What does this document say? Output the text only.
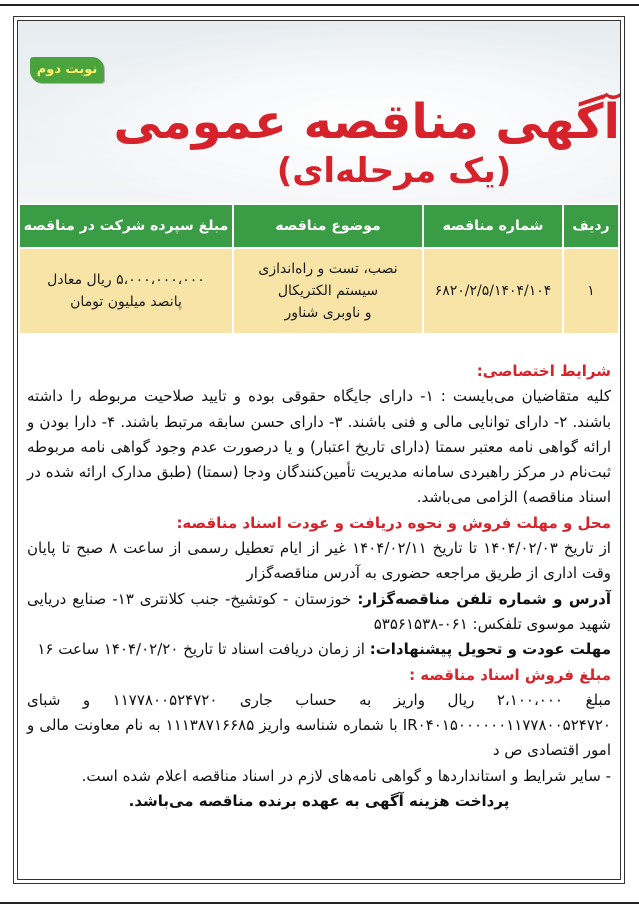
نوبت دوم
آگهی مناقصه عمومی
(یک مرحله‌ای)
ردیف
شماره مناقصه
موضوع مناقصه
مبلغ سپرده شرکت در مناقصه
۱
۶۸۲۰/۲/۵/۱۴۰۴/۱۰۴
نصب، تست و راه‌اندازی
سیستم الکتریکال
و ناوبری شناور
۵،۰۰۰،۰۰۰،۰۰۰ ریال معادل
پانصد میلیون تومان

شرایط اختصاصی:
کلیه متقاضیان می‌بایست : ۱- دارای جایگاه حقوقی بوده و تایید صلاحیت مربوطه را داشته باشند. ۲- دارای توانایی مالی و فنی باشند. ۳- دارای حسن سابقه مرتبط باشند. ۴- دارا بودن و ارائه گواهی نامه معتبر سمتا (دارای تاریخ اعتبار) و یا درصورت عدم وجود گواهی نامه مربوطه ثبت‌نام در مرکز راهبردی سامانه مدیریت تأمین‌کنندگان ودجا (سمتا) (طبق مدارک ارائه شده در اسناد مناقصه) الزامی می‌باشد.

محل و مهلت فروش و نحوه دریافت و عودت اسناد مناقصه:
از تاریخ ۱۴۰۴/۰۲/۰۳ تا تاریخ ۱۴۰۴/۰۲/۱۱ غیر از ایام تعطیل رسمی از ساعت ۸ صبح تا پایان وقت اداری از طریق مراجعه حضوری به آدرس مناقصه‌گزار

آدرس و شماره تلفن مناقصه‌گزار: خوزستان - کوتشیخ- جنب کلانتری ۱۳- صنایع دریایی شهید موسوی تلفکس: ۰۶۱-۵۳۵۶۱۵۳۸

مهلت عودت و تحویل پیشنهادات: از زمان دریافت اسناد تا تاریخ ۱۴۰۴/۰۲/۲۰ ساعت ۱۶

مبلغ فروش اسناد مناقصه :
مبلغ ۲،۱۰۰،۰۰۰ ریال واریز به حساب جاری ۱۱۷۷۸۰۰۵۲۴۷۲۰ و شبای IR۰۴۰۱۵۰۰۰۰۰۰۱۱۷۷۸۰۰۵۲۴۷۲۰ با شماره شناسه واریز ۱۱۱۳۸۷۱۶۶۸۵ به نام معاونت مالی و امور اقتصادی ص د

- سایر شرایط و استانداردها و گواهی نامه‌های لازم در اسناد مناقصه اعلام شده است.

پرداخت هزینه آگهی به عهده برنده مناقصه می‌باشد.
